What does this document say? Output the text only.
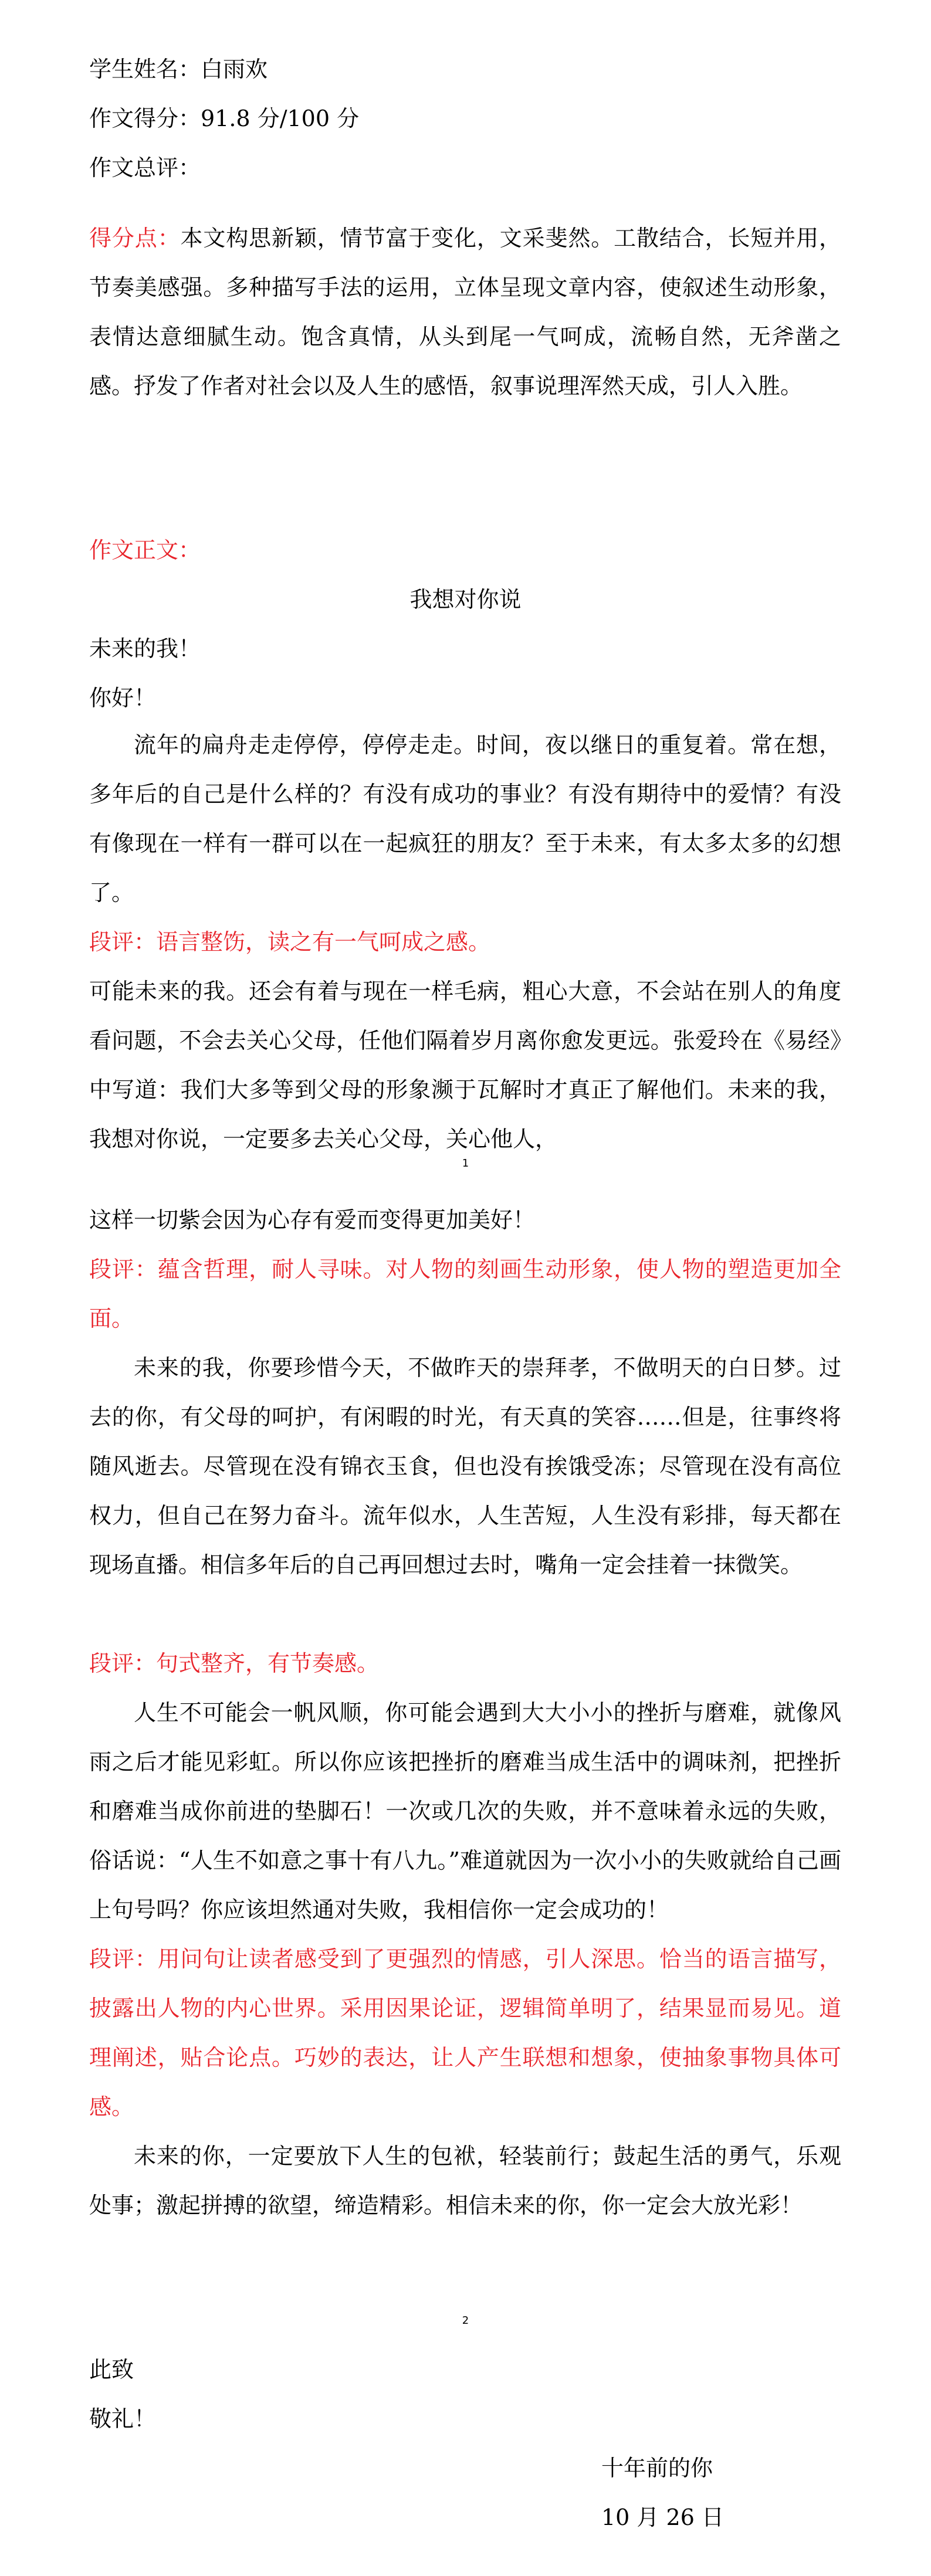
学生姓名：白雨欢
作文得分：91.8 分/100 分
作文总评：

得分点：本文构思新颖，情节富于变化，文采斐然。工散结合，长短并用，节奏美感强。多种描写手法的运用，立体呈现文章内容，使叙述生动形象，表情达意细腻生动。饱含真情，从头到尾一气呵成，流畅自然，无斧凿之感。抒发了作者对社会以及人生的感悟，叙事说理浑然天成，引人入胜。

作文正文：
我想对你说
未来的我！
你好！

流年的扁舟走走停停，停停走走。时间，夜以继日的重复着。常在想，多年后的自己是什么样的？有没有成功的事业？有没有期待中的爱情？有没有像现在一样有一群可以在一起疯狂的朋友？至于未来，有太多太多的幻想了。

段评：语言整饬，读之有一气呵成之感。

可能未来的我。还会有着与现在一样毛病，粗心大意，不会站在别人的角度看问题，不会去关心父母，任他们隔着岁月离你愈发更远。张爱玲在《易经》中写道：我们大多等到父母的形象濒于瓦解时才真正了解他们。未来的我，我想对你说，一定要多去关心父母，关心他人，

1

这样一切紫会因为心存有爱而变得更加美好！

段评：蕴含哲理，耐人寻味。对人物的刻画生动形象，使人物的塑造更加全面。

未来的我，你要珍惜今天，不做昨天的崇拜孝，不做明天的白日梦。过去的你，有父母的呵护，有闲暇的时光，有天真的笑容……但是，往事终将随风逝去。尽管现在没有锦衣玉食，但也没有挨饿受冻；尽管现在没有高位权力，但自己在努力奋斗。流年似水，人生苦短，人生没有彩排，每天都在现场直播。相信多年后的自己再回想过去时，嘴角一定会挂着一抹微笑。

段评：句式整齐，有节奏感。

人生不可能会一帆风顺，你可能会遇到大大小小的挫折与磨难，就像风雨之后才能见彩虹。所以你应该把挫折的磨难当成生活中的调味剂，把挫折和磨难当成你前进的垫脚石！一次或几次的失败，并不意味着永远的失败，俗话说：“人生不如意之事十有八九。”难道就因为一次小小的失败就给自己画上句号吗？你应该坦然通对失败，我相信你一定会成功的！

段评：用问句让读者感受到了更强烈的情感，引人深思。恰当的语言描写，披露出人物的内心世界。采用因果论证，逻辑简单明了，结果显而易见。道理阐述，贴合论点。巧妙的表达，让人产生联想和想象，使抽象事物具体可感。

未来的你，一定要放下人生的包袱，轻装前行；鼓起生活的勇气，乐观处事；激起拼搏的欲望，缔造精彩。相信未来的你，你一定会大放光彩！

2
此致
敬礼！
十年前的你
10 月 26 日
